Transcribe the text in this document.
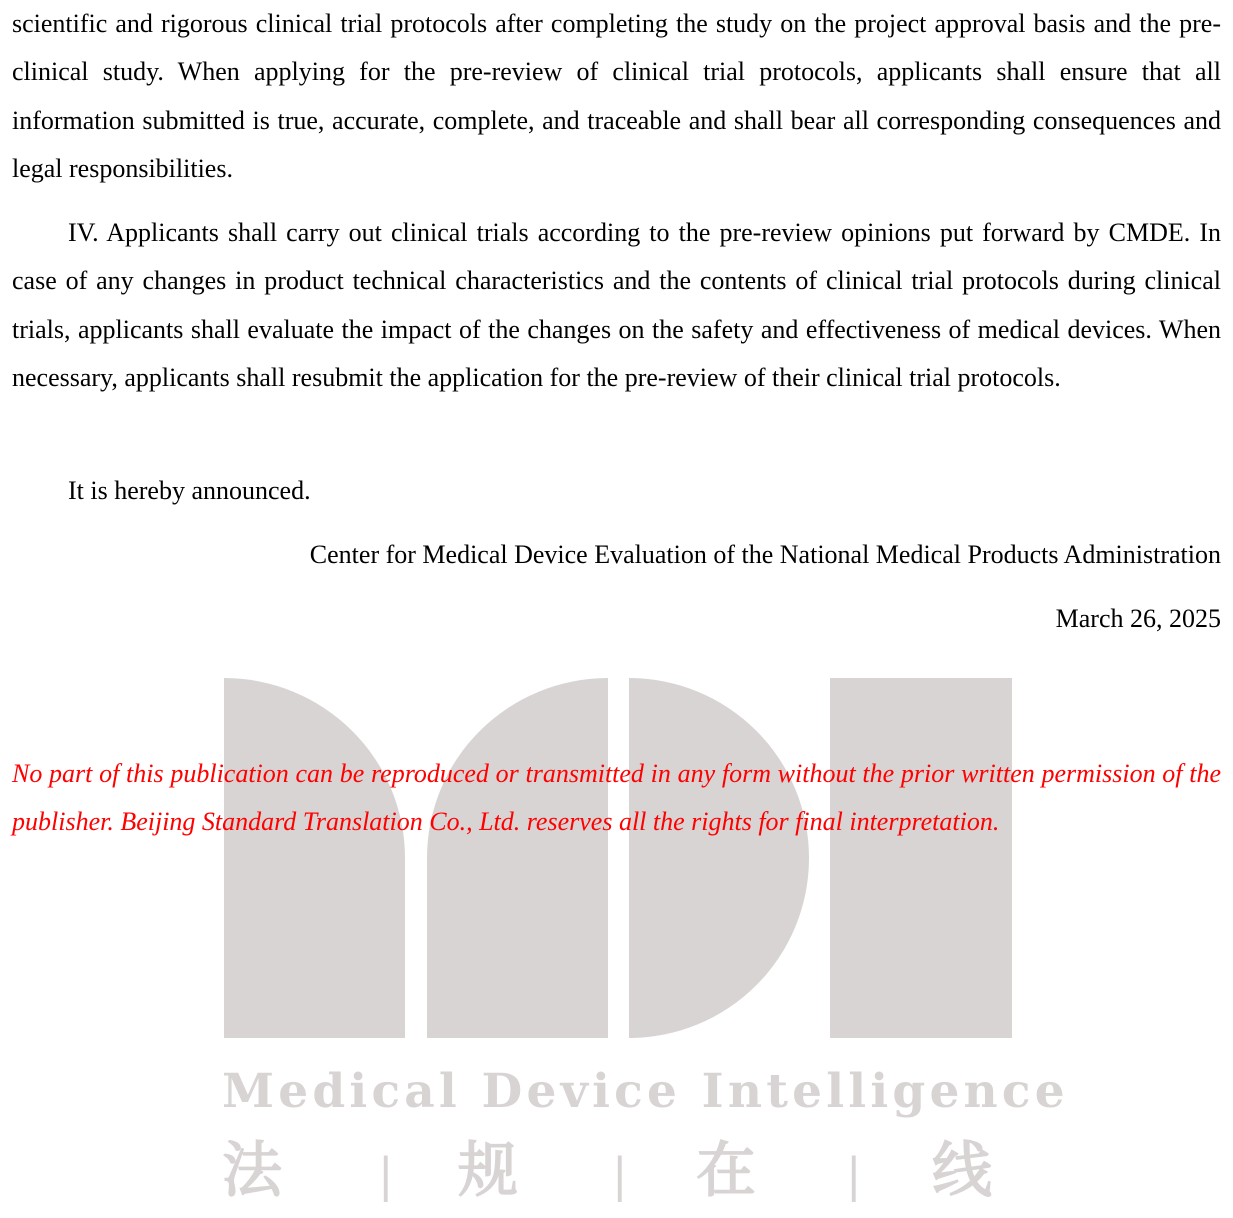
Medical Device Intelligence
法 | 规 | 在 | 线

scientific and rigorous clinical trial protocols after completing the study on the project approval basis and the pre-clinical study. When applying for the pre-review of clinical trial protocols, applicants shall ensure that all information submitted is true, accurate, complete, and traceable and shall bear all corresponding consequences and legal responsibilities.

IV. Applicants shall carry out clinical trials according to the pre-review opinions put forward by CMDE. In case of any changes in product technical characteristics and the contents of clinical trial protocols during clinical trials, applicants shall evaluate the impact of the changes on the safety and effectiveness of medical devices. When necessary, applicants shall resubmit the application for the pre-review of their clinical trial protocols.

It is hereby announced.

Center for Medical Device Evaluation of the National Medical Products Administration
March 26, 2025

No part of this publication can be reproduced or transmitted in any form without the prior written permission of the publisher. Beijing Standard Translation Co., Ltd. reserves all the rights for final interpretation.
